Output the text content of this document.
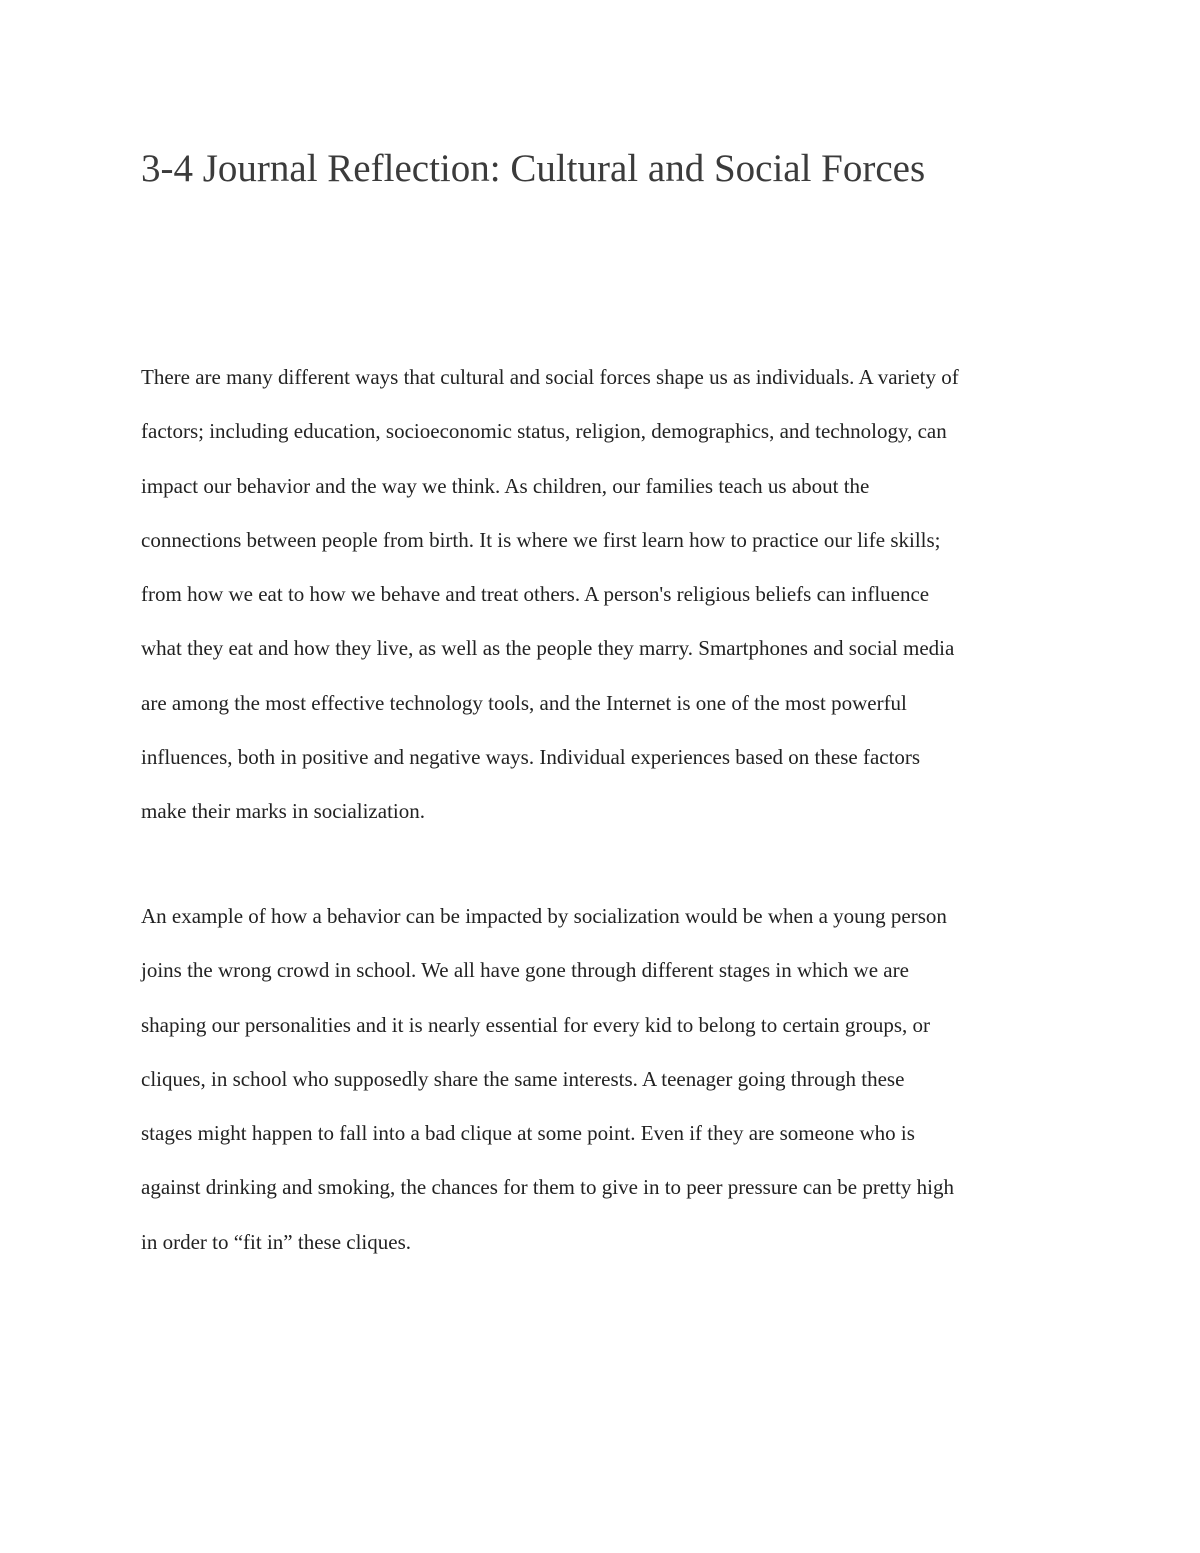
3-4 Journal Reflection: Cultural and Social Forces
There are many different ways that cultural and social forces shape us as individuals. A variety of
factors; including education, socioeconomic status, religion, demographics, and technology, can
impact our behavior and the way we think. As children, our families teach us about the
connections between people from birth. It is where we first learn how to practice our life skills;
from how we eat to how we behave and treat others. A person's religious beliefs can influence
what they eat and how they live, as well as the people they marry. Smartphones and social media
are among the most effective technology tools, and the Internet is one of the most powerful
influences, both in positive and negative ways. Individual experiences based on these factors
make their marks in socialization.
An example of how a behavior can be impacted by socialization would be when a young person
joins the wrong crowd in school. We all have gone through different stages in which we are
shaping our personalities and it is nearly essential for every kid to belong to certain groups, or
cliques, in school who supposedly share the same interests. A teenager going through these
stages might happen to fall into a bad clique at some point. Even if they are someone who is
against drinking and smoking, the chances for them to give in to peer pressure can be pretty high
in order to “fit in” these cliques.
